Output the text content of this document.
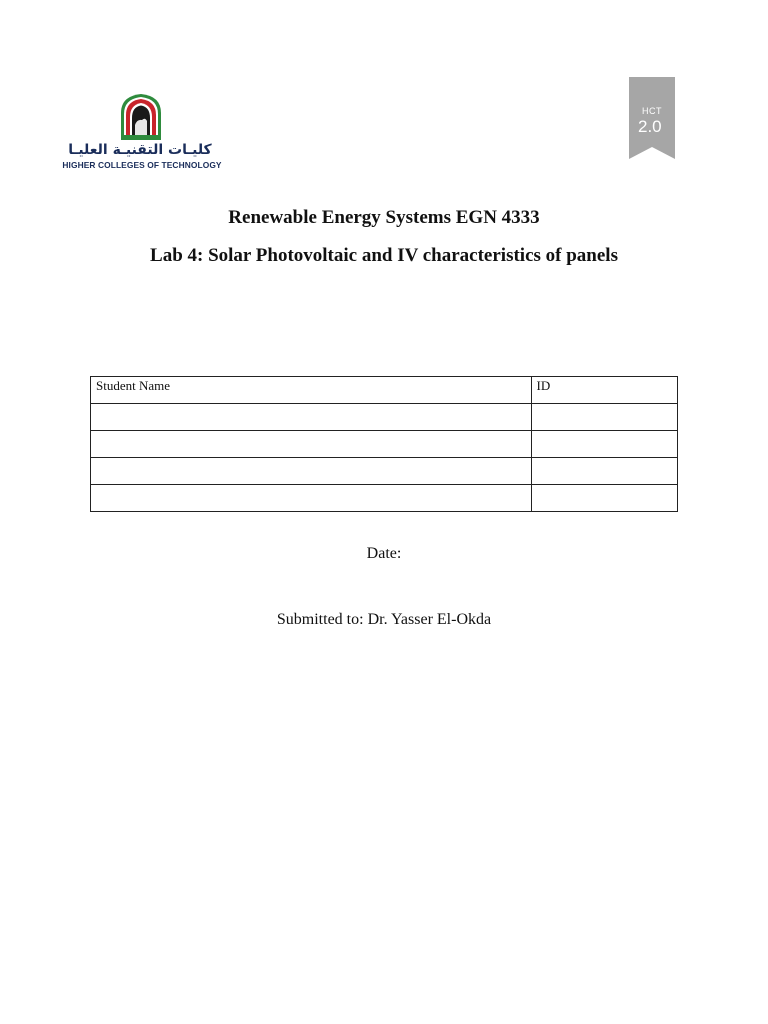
كليـات التقنيـة العليـا
HIGHER COLLEGES OF TECHNOLOGY
HCT
2.0
Renewable Energy Systems EGN 4333
Lab 4: Solar Photovoltaic and IV characteristics of panels
Student Name	ID

Date:
Submitted to: Dr. Yasser El-Okda
